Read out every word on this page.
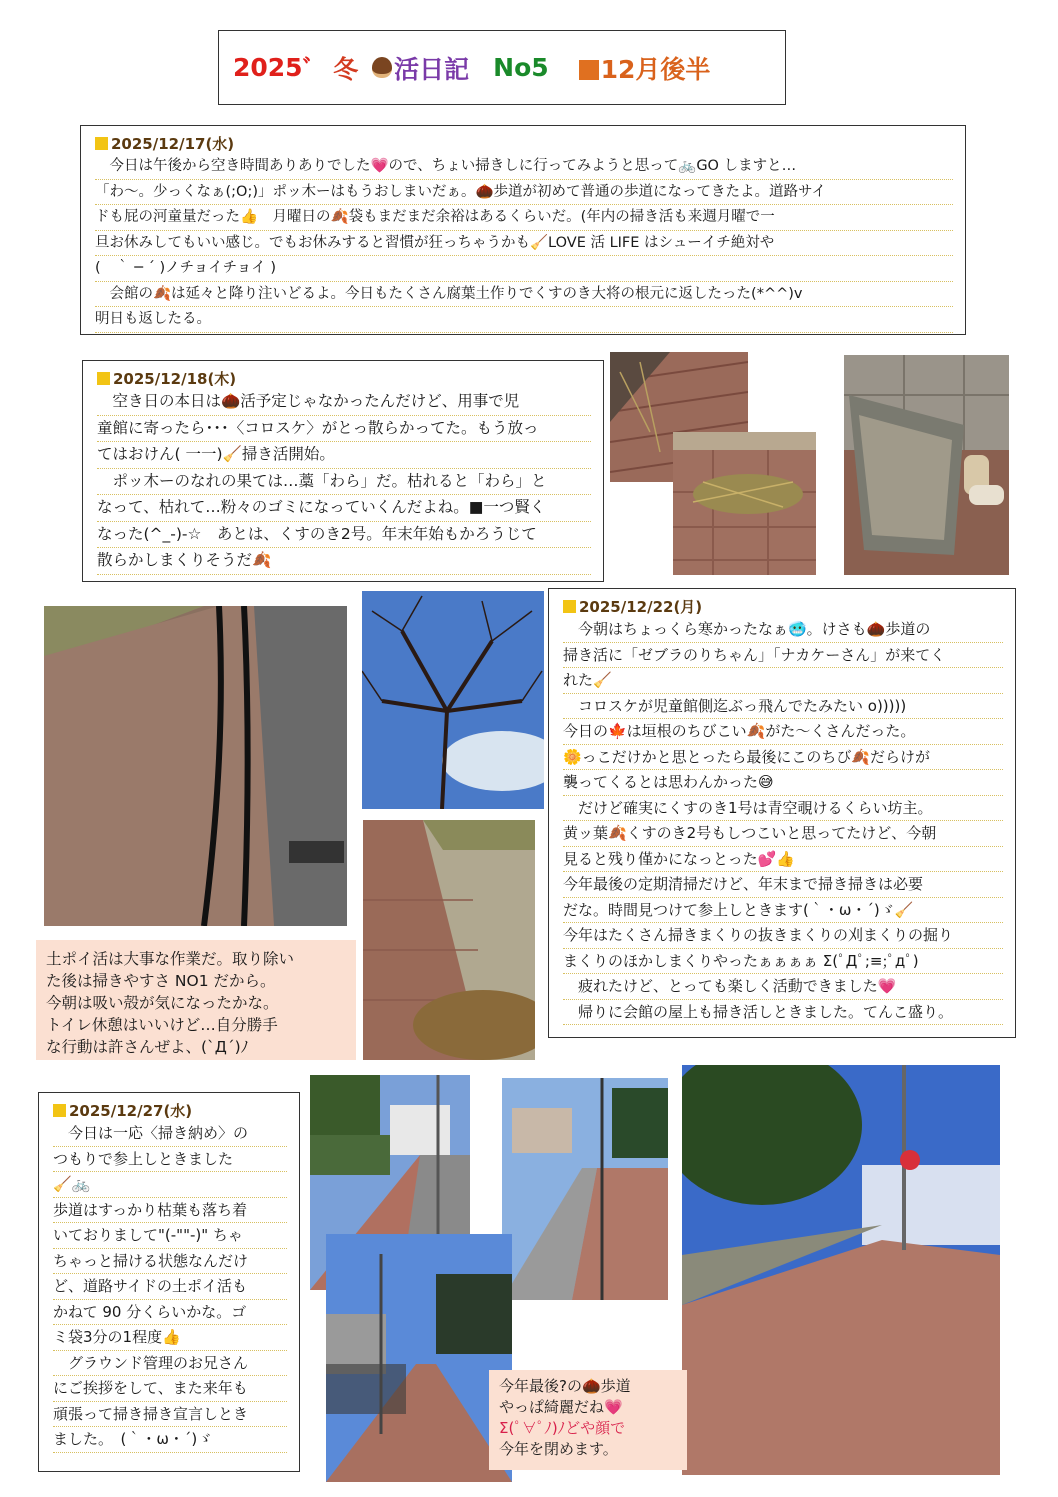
2025 ﾞ 冬 活日記 No5	12月後半
2025/12/17(水)

　今日は午後から空き時間ありありでした💗ので、ちょい掃きしに行ってみようと思って🚲GO しますと…

「わ～。少っくなぁ(;O;)」ポッ木ーはもうおしまいだぁ。🌰歩道が初めて普通の歩道になってきたよ。道路サイ

ドも屁の河童量だった👍　月曜日の🍂袋もまだまだ余裕はあるくらいだ。(年内の掃き活も来週月曜で一

旦お休みしてもいい感じ。でもお休みすると習慣が狂っちゃうかも🧹LOVE 活 LIFE はシューイチ絶対や

(　｀ ─ ´ )ノチョイチョイ )

　会館の🍂は延々と降り注いどるよ。今日もたくさん腐葉土作りでくすのき大将の根元に返したった(*^^)v

明日も返したる。

2025/12/18(木)

　空き日の本日は🌰活予定じゃなかったんだけど、用事で児

童館に寄ったら･･･〈コロスケ〉がとっ散らかってた。もう放っ

てはおけん( 一一)🧹掃き活開始。

　ポッ木ーのなれの果ては…藁「わら」だ。枯れると「わら」と

なって、枯れて…粉々のゴミになっていくんだよね。■一つ賢く

なった(^_-)-☆　あとは、くすのき2号。年末年始もかろうじて

散らかしまくりそうだ🍂

2025/12/22(月)

　今朝はちょっくら寒かったなぁ🥶。けさも🌰歩道の

掃き活に「ゼブラのりちゃん」「ナカケーさん」が来てく

れた🧹

　コロスケが児童館側迄ぶっ飛んでたみたい o)))))

今日の🍁は垣根のちびこい🍂がた～くさんだった。

🌼っこだけかと思とったら最後にこのちび🍂だらけが

襲ってくるとは思わんかった😅

　だけど確実にくすのき1号は青空覗けるくらい坊主。

黄ッ葉🍂くすのき2号もしつこいと思ってたけど、今朝

見ると残り僅かになっとった💕👍

今年最後の定期清掃だけど、年末まで掃き掃きは必要

だな。時間見つけて参上しときます(｀・ω・´)ゞ🧹

今年はたくさん掃きまくりの抜きまくりの刈まくりの掘り

まくりのほかしまくりやったぁぁぁぁ Σ(ﾟДﾟ;≡;ﾟдﾟ)

　疲れたけど、とっても楽しく活動できました💗

　帰りに会館の屋上も掃き活しときました。てんこ盛り。

土ポイ活は大事な作業だ。取り除い

た後は掃きやすさ NO1 だから。

今朝は吸い殻が気になったかな。

トイレ休憩はいいけど…自分勝手

な行動は許さんぜよ、(`Д´)ﾉ

2025/12/27(水)

　今日は一応〈掃き納め〉の

つもりで参上しときました

🧹🚲

歩道はすっかり枯葉も落ち着

いておりまして"(-""-)" ちゃ

ちゃっと掃ける状態なんだけ

ど、道路サイドの土ポイ活も

かねて 90 分くらいかな。ゴ

ミ袋3分の1程度👍

　グラウンド管理のお兄さん

にご挨拶をして、また来年も

頑張って掃き掃き宣言しとき

ました。　(｀・ω・´)ゞ

今年最後?の🌰歩道

やっぱ綺麗だね💗

Σ(ﾟ∀ﾟﾉ)ﾉどや顔で

今年を閉めます。
